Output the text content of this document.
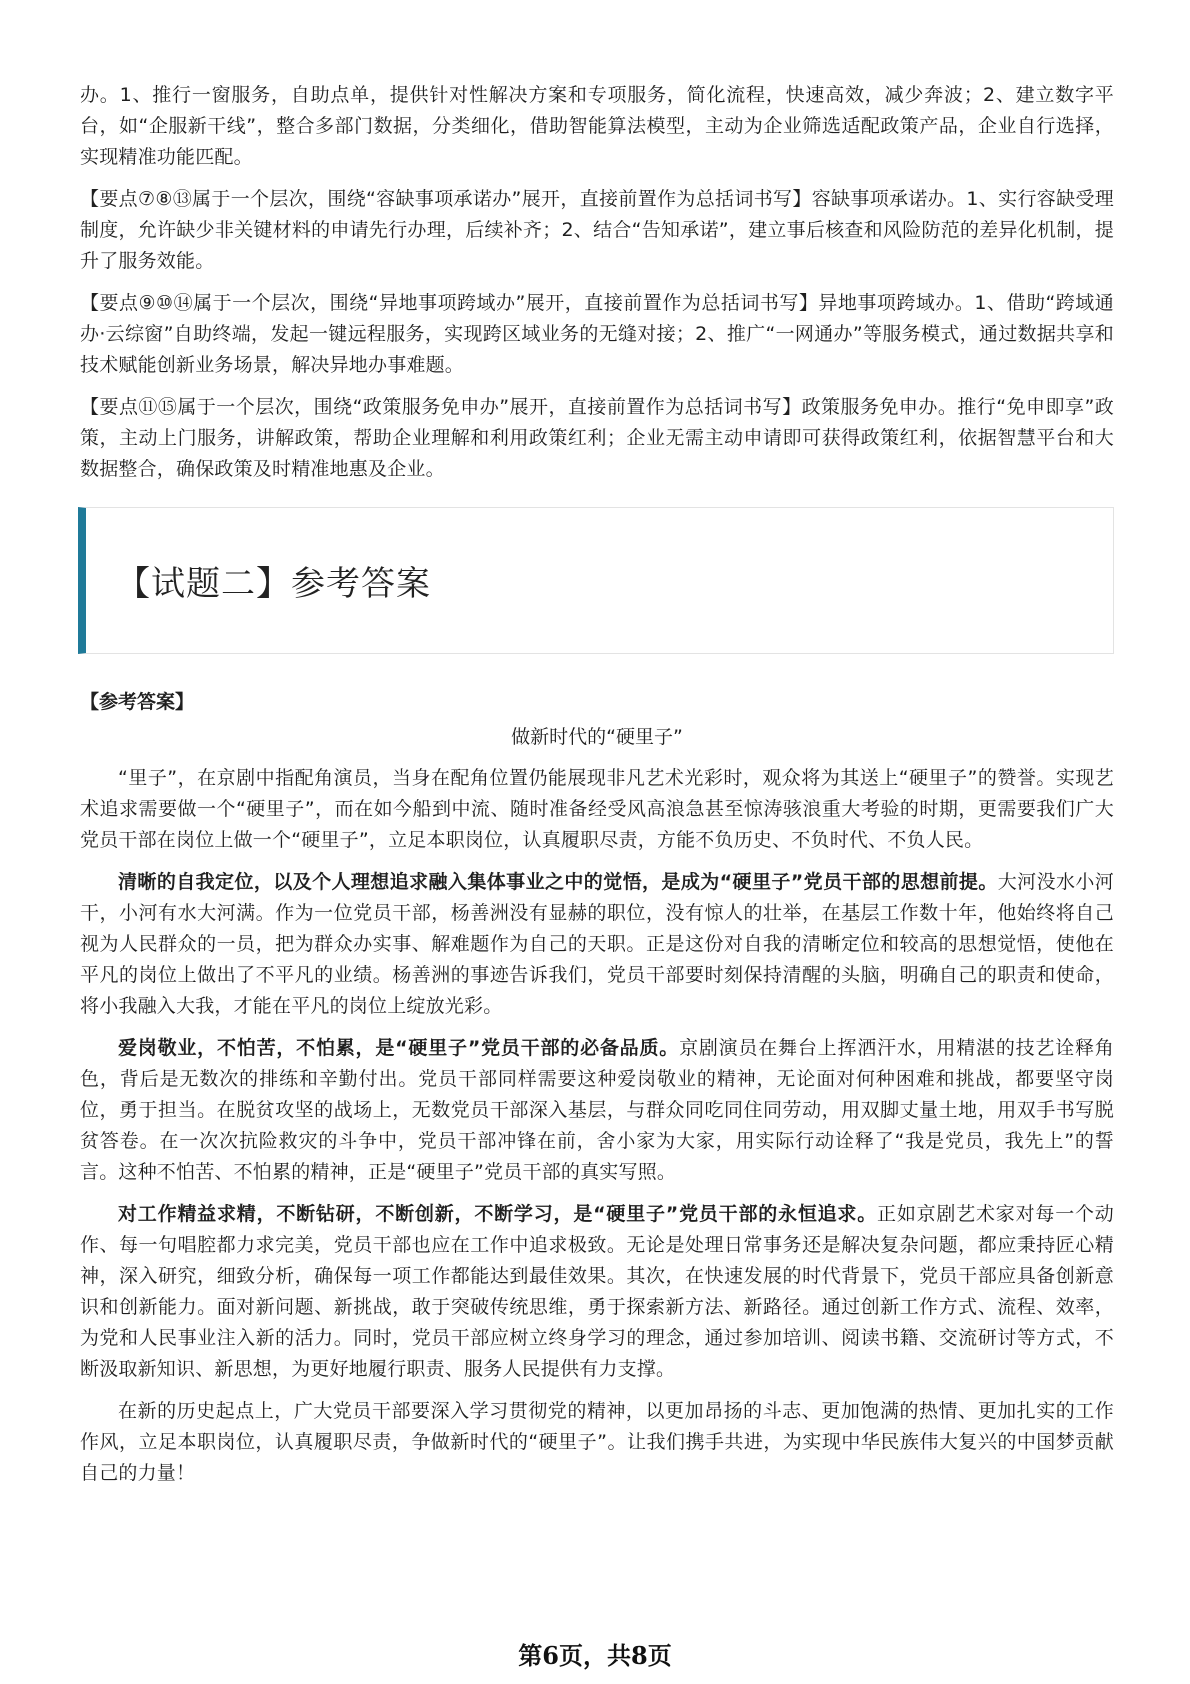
办。1、推行一窗服务，自助点单，提供针对性解决方案和专项服务，简化流程，快速高效，减少奔波；2、建立数字平台，如“企服新干线”，整合多部门数据，分类细化，借助智能算法模型，主动为企业筛选适配政策产品，企业自行选择，实现精准功能匹配。

【要点⑦⑧⑬属于一个层次，围绕“容缺事项承诺办”展开，直接前置作为总括词书写】容缺事项承诺办。1、实行容缺受理制度，允许缺少非关键材料的申请先行办理，后续补齐；2、结合“告知承诺”，建立事后核查和风险防范的差异化机制，提升了服务效能。

【要点⑨⑩⑭属于一个层次，围绕“异地事项跨域办”展开，直接前置作为总括词书写】异地事项跨域办。1、借助“跨域通办·云综窗”自助终端，发起一键远程服务，实现跨区域业务的无缝对接；2、推广“一网通办”等服务模式，通过数据共享和技术赋能创新业务场景，解决异地办事难题。

【要点⑪⑮属于一个层次，围绕“政策服务免申办”展开，直接前置作为总括词书写】政策服务免申办。推行“免申即享”政策，主动上门服务，讲解政策，帮助企业理解和利用政策红利；企业无需主动申请即可获得政策红利，依据智慧平台和大数据整合，确保政策及时精准地惠及企业。

【试题二】参考答案
【参考答案】
做新时代的“硬里子”

“里子”，在京剧中指配角演员，当身在配角位置仍能展现非凡艺术光彩时，观众将为其送上“硬里子”的赞誉。实现艺术追求需要做一个“硬里子”，而在如今船到中流、随时准备经受风高浪急甚至惊涛骇浪重大考验的时期，更需要我们广大党员干部在岗位上做一个“硬里子”，立足本职岗位，认真履职尽责，方能不负历史、不负时代、不负人民。

清晰的自我定位，以及个人理想追求融入集体事业之中的觉悟，是成为“硬里子”党员干部的思想前提。大河没水小河干，小河有水大河满。作为一位党员干部，杨善洲没有显赫的职位，没有惊人的壮举，在基层工作数十年，他始终将自己视为人民群众的一员，把为群众办实事、解难题作为自己的天职。正是这份对自我的清晰定位和较高的思想觉悟，使他在平凡的岗位上做出了不平凡的业绩。杨善洲的事迹告诉我们，党员干部要时刻保持清醒的头脑，明确自己的职责和使命，将小我融入大我，才能在平凡的岗位上绽放光彩。

爱岗敬业，不怕苦，不怕累，是“硬里子”党员干部的必备品质。京剧演员在舞台上挥洒汗水，用精湛的技艺诠释角色，背后是无数次的排练和辛勤付出。党员干部同样需要这种爱岗敬业的精神，无论面对何种困难和挑战，都要坚守岗位，勇于担当。在脱贫攻坚的战场上，无数党员干部深入基层，与群众同吃同住同劳动，用双脚丈量土地，用双手书写脱贫答卷。在一次次抗险救灾的斗争中，党员干部冲锋在前，舍小家为大家，用实际行动诠释了“我是党员，我先上”的誓言。这种不怕苦、不怕累的精神，正是“硬里子”党员干部的真实写照。

对工作精益求精，不断钻研，不断创新，不断学习，是“硬里子”党员干部的永恒追求。正如京剧艺术家对每一个动作、每一句唱腔都力求完美，党员干部也应在工作中追求极致。无论是处理日常事务还是解决复杂问题，都应秉持匠心精神，深入研究，细致分析，确保每一项工作都能达到最佳效果。其次，在快速发展的时代背景下，党员干部应具备创新意识和创新能力。面对新问题、新挑战，敢于突破传统思维，勇于探索新方法、新路径。通过创新工作方式、流程、效率，为党和人民事业注入新的活力。同时，党员干部应树立终身学习的理念，通过参加培训、阅读书籍、交流研讨等方式，不断汲取新知识、新思想，为更好地履行职责、服务人民提供有力支撑。

在新的历史起点上，广大党员干部要深入学习贯彻党的精神，以更加昂扬的斗志、更加饱满的热情、更加扎实的工作作风，立足本职岗位，认真履职尽责，争做新时代的“硬里子”。让我们携手共进，为实现中华民族伟大复兴的中国梦贡献自己的力量！

第6页，共8页
